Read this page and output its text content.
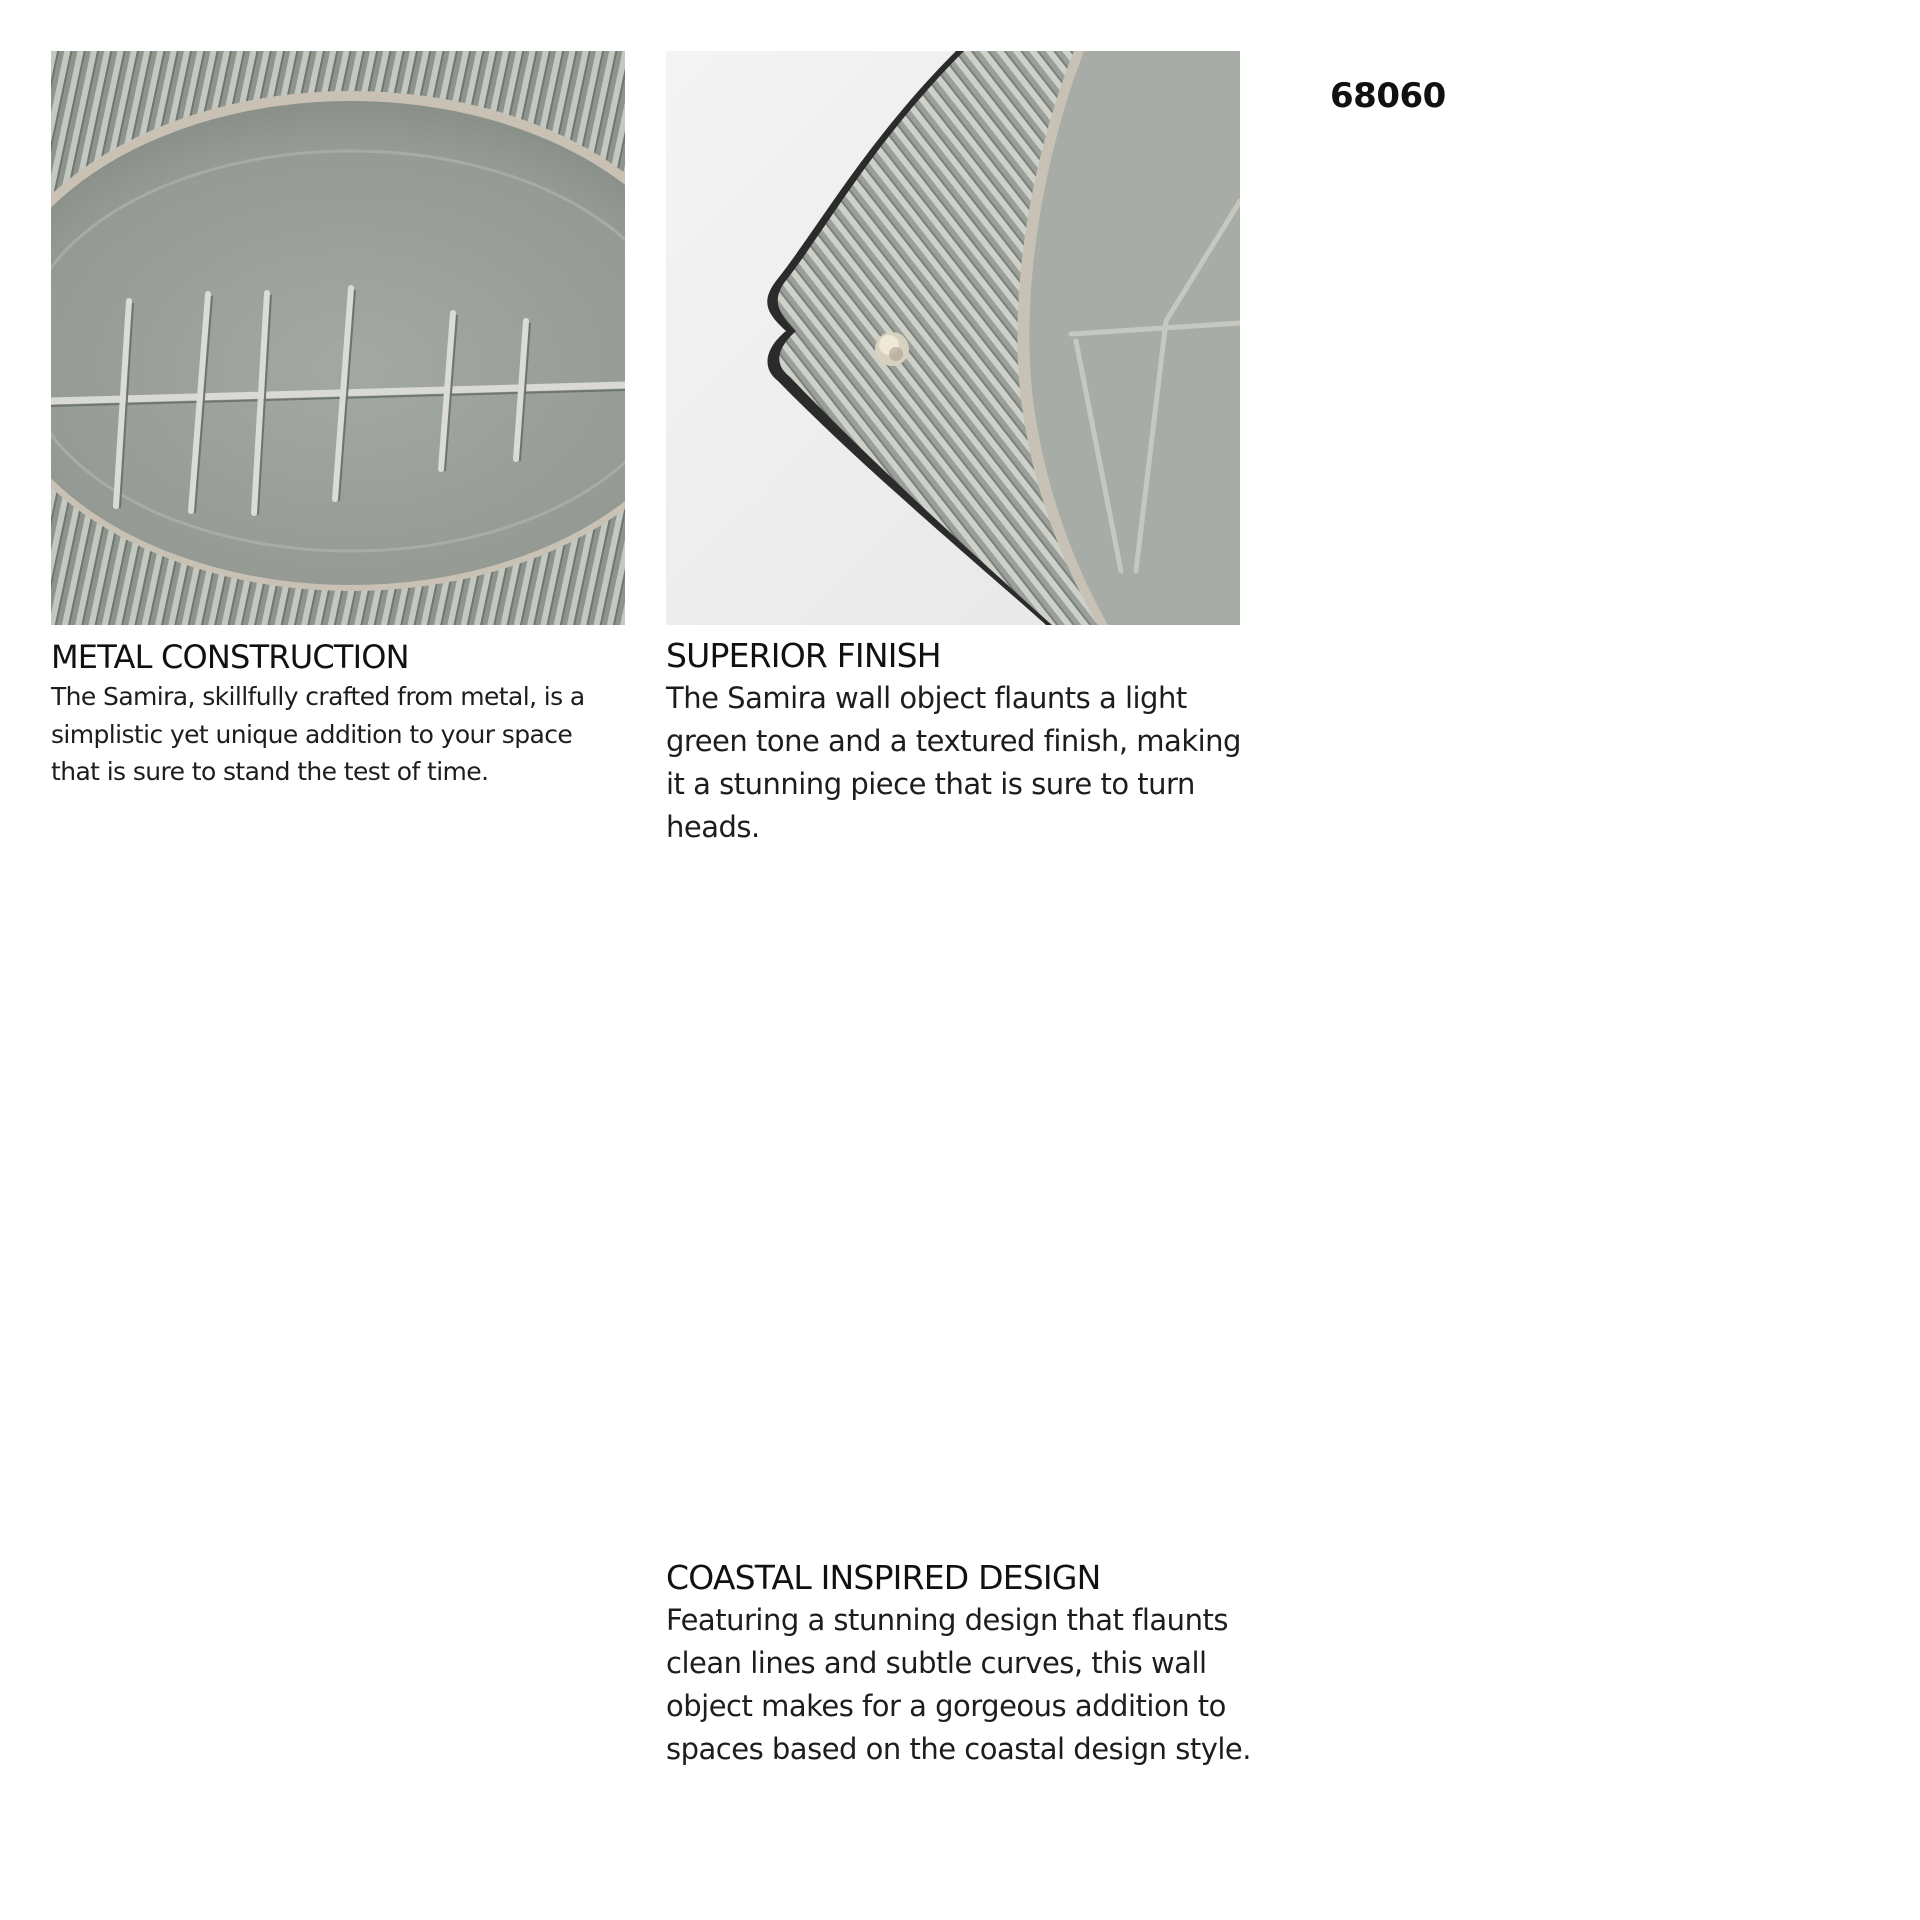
68060
METAL CONSTRUCTION

The Samira, skillfully crafted from metal, is a simplistic yet unique addition to your space that is sure to stand the test of time.

SUPERIOR FINISH

The Samira wall object flaunts a light green tone and a textured finish, making it a stunning piece that is sure to turn heads.

COASTAL INSPIRED DESIGN

Featuring a stunning design that flaunts clean lines and subtle curves, this wall object makes for a gorgeous addition to spaces based on the coastal design style.
